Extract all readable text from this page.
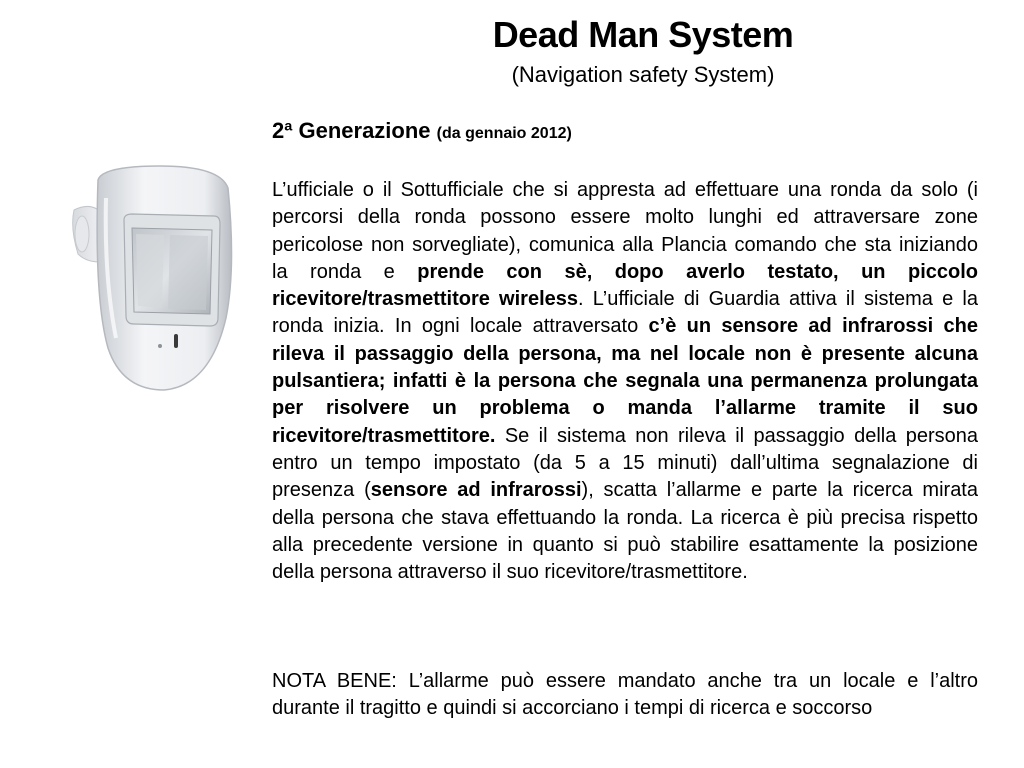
Dead Man System

(Navigation safety System)

2ª Generazione (da gennaio 2012)

L’ufficiale o il Sottufficiale che si appresta ad effettuare una ronda da solo (i percorsi della ronda possono essere molto lunghi ed attraversare zone pericolose non sorvegliate), comunica alla Plancia comando che sta iniziando la ronda e prende con sè, dopo averlo testato, un piccolo ricevitore/trasmettitore wireless. L’ufficiale di Guardia attiva il sistema e la ronda inizia. In ogni locale attraversato c’è un sensore ad infrarossi che rileva il passaggio della persona, ma nel locale non è presente alcuna pulsantiera; infatti è la persona che segnala una permanenza prolungata per risolvere un problema o manda l’allarme tramite il suo ricevitore/trasmettitore. Se il sistema non rileva il passaggio della persona entro un tempo impostato (da 5 a 15 minuti) dall’ultima segnalazione di presenza (sensore ad infrarossi), scatta l’allarme e parte la ricerca mirata della persona che stava effettuando la ronda. La ricerca è più precisa rispetto alla precedente versione in quanto si può stabilire esattamente la posizione della persona attraverso il suo ricevitore/trasmettitore.

NOTA BENE: L’allarme può essere mandato anche tra un locale e l’altro durante il tragitto e quindi si accorciano i tempi di ricerca e soccorso
